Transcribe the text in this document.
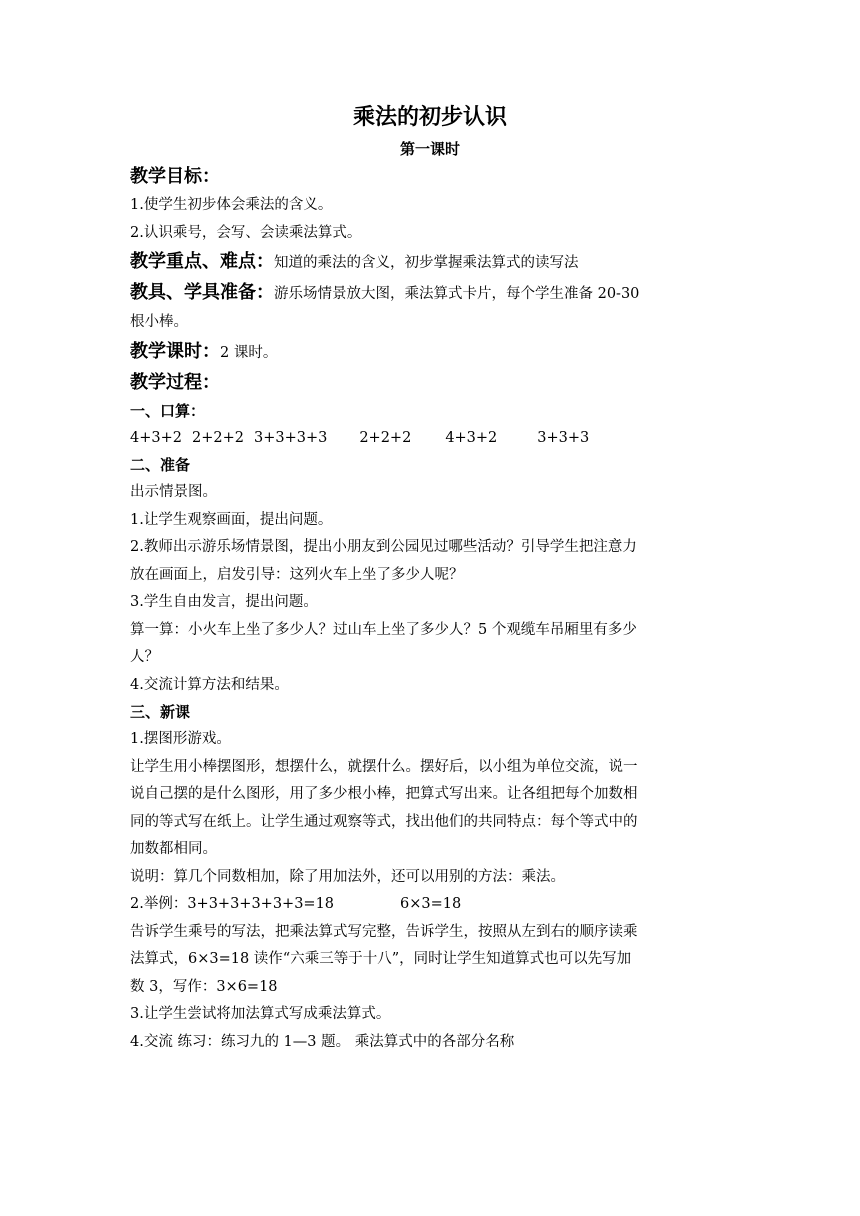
乘法的初步认识
第一课时
教学目标：
1.使学生初步体会乘法的含义。
2.认识乘号，会写、会读乘法算式。
教学重点、难点：知道的乘法的含义，初步掌握乘法算式的读写法
教具、学具准备：游乐场情景放大图，乘法算式卡片，每个学生准备 20-30
根小棒。
教学课时：2 课时。
教学过程：
一、口算：
4+3+2 2+2+2 3+3+3+3 2+2+2 4+3+2	3+3+3
二、准备
出示情景图。
1.让学生观察画面，提出问题。
2.教师出示游乐场情景图，提出小朋友到公园见过哪些活动？引导学生把注意力
放在画面上，启发引导：这列火车上坐了多少人呢？
3.学生自由发言，提出问题。
算一算：小火车上坐了多少人？过山车上坐了多少人？5 个观缆车吊厢里有多少
人？
4.交流计算方法和结果。
三、新课
1.摆图形游戏。
让学生用小棒摆图形，想摆什么，就摆什么。摆好后，以小组为单位交流，说一
说自己摆的是什么图形，用了多少根小棒，把算式写出来。让各组把每个加数相
同的等式写在纸上。让学生通过观察等式，找出他们的共同特点：每个等式中的
加数都相同。
说明：算几个同数相加，除了用加法外，还可以用别的方法：乘法。
2.举例：3+3+3+3+3+3=18	6×3=18
告诉学生乘号的写法，把乘法算式写完整，告诉学生，按照从左到右的顺序读乘
法算式，6×3=18 读作“六乘三等于十八”，同时让学生知道算式也可以先写加
数 3，写作：3×6=18
3.让学生尝试将加法算式写成乘法算式。
4.交流 练习：练习九的 1—3 题。 乘法算式中的各部分名称
